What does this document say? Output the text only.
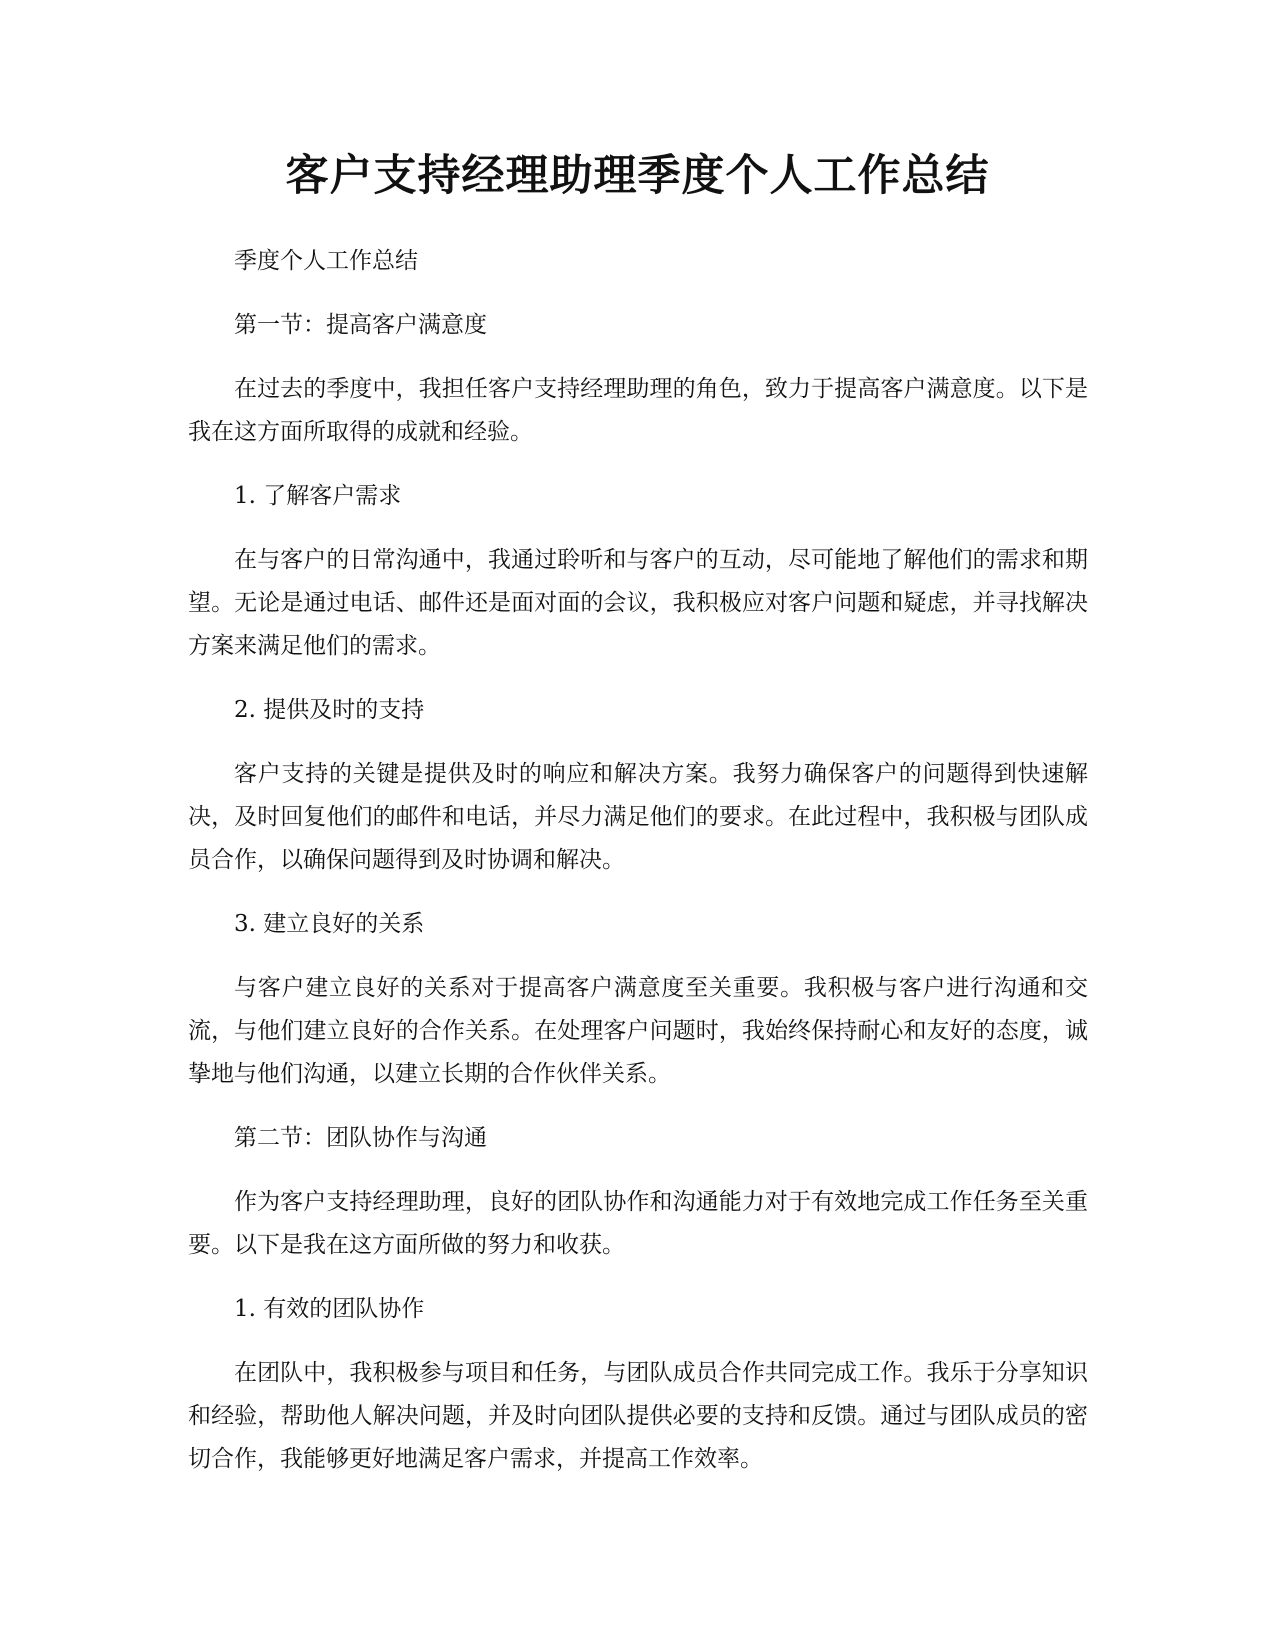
客户支持经理助理季度个人工作总结

季度个人工作总结

第一节：提高客户满意度

在过去的季度中，我担任客户支持经理助理的角色，致力于提高客户满意度。以下是我在这方面所取得的成就和经验。

1. 了解客户需求

在与客户的日常沟通中，我通过聆听和与客户的互动，尽可能地了解他们的需求和期望。无论是通过电话、邮件还是面对面的会议，我积极应对客户问题和疑虑，并寻找解决方案来满足他们的需求。

2. 提供及时的支持

客户支持的关键是提供及时的响应和解决方案。我努力确保客户的问题得到快速解决，及时回复他们的邮件和电话，并尽力满足他们的要求。在此过程中，我积极与团队成员合作，以确保问题得到及时协调和解决。

3. 建立良好的关系

与客户建立良好的关系对于提高客户满意度至关重要。我积极与客户进行沟通和交流，与他们建立良好的合作关系。在处理客户问题时，我始终保持耐心和友好的态度，诚挚地与他们沟通，以建立长期的合作伙伴关系。

第二节：团队协作与沟通

作为客户支持经理助理，良好的团队协作和沟通能力对于有效地完成工作任务至关重要。以下是我在这方面所做的努力和收获。

1. 有效的团队协作

在团队中，我积极参与项目和任务，与团队成员合作共同完成工作。我乐于分享知识和经验，帮助他人解决问题，并及时向团队提供必要的支持和反馈。通过与团队成员的密切合作，我能够更好地满足客户需求，并提高工作效率。
